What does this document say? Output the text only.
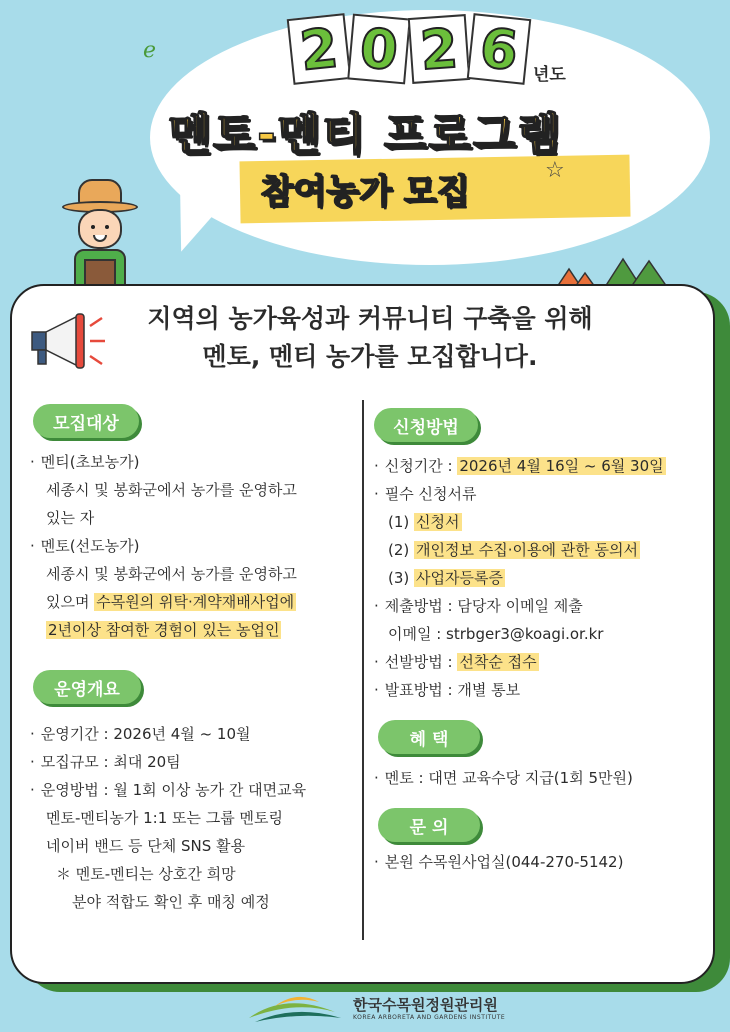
ℯ	2 0 2 6 년도
멘토-멘티 프로그램
참여농가 모집
☆
지역의 농가육성과 커뮤니티 구축을 위해
멘토, 멘티 농가를 모집합니다.
모집대상
· 멘티(초보농가)
세종시 및 봉화군에서 농가를 운영하고
있는 자
· 멘토(선도농가)
세종시 및 봉화군에서 농가를 운영하고
있으며 수목원의 위탁·계약재배사업에
2년이상 참여한 경험이 있는 농업인
운영개요
· 운영기간 : 2026년 4월 ~ 10월
· 모집규모 : 최대 20팀
· 운영방법 : 월 1회 이상 농가 간 대면교육
멘토-멘티농가 1:1 또는 그룹 멘토링
네이버 밴드 등 단체 SNS 활용
＊ 멘토-멘티는 상호간 희망
분야 적합도 확인 후 매칭 예정
신청방법
· 신청기간 : 2026년 4월 16일 ~ 6월 30일
· 필수 신청서류
(1) 신청서
(2) 개인정보 수집·이용에 관한 동의서
(3) 사업자등록증
· 제출방법 : 담당자 이메일 제출
이메일 : strbger3@koagi.or.kr
· 선발방법 : 선착순 접수
· 발표방법 : 개별 통보
혜 택
· 멘토 : 대면 교육수당 지급(1회 5만원)
문 의
· 본원 수목원사업실(044-270-5142)
한국수목원정원관리원
KOREA ARBORETA AND GARDENS INSTITUTE
